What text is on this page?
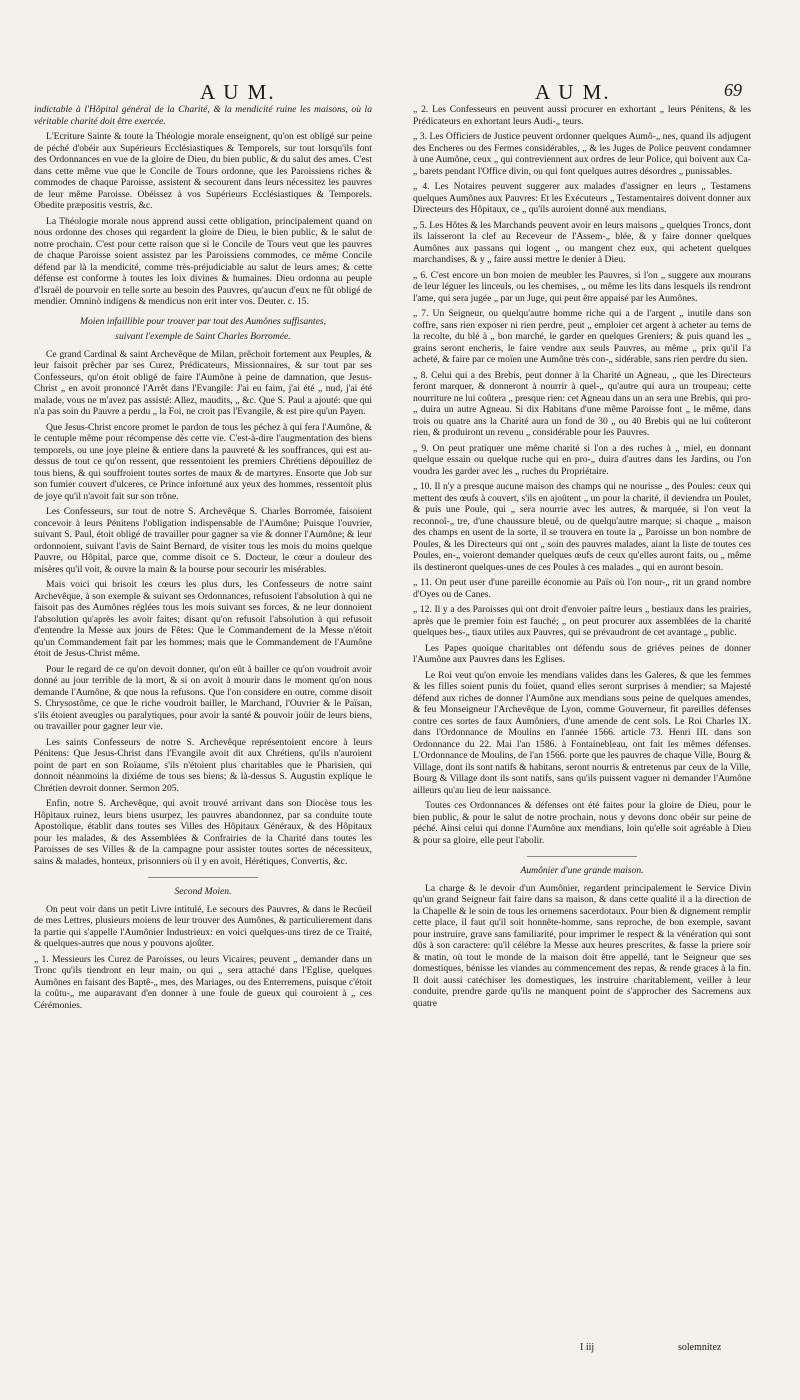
A U M.	A U M.	69

indictable à l'Hôpital général de la Charité, & la mendicité ruine les maisons, où la véritable charité doit être exercée.

L'Ecriture Sainte & toute la Théologie morale enseignent, qu'on est obligé sur peine de péché d'obéir aux Supérieurs Ecclésiastiques & Temporels, sur tout lorsqu'ils font des Ordonnances en vue de la gloire de Dieu, du bien public, & du salut des ames. C'est dans cette même vue que le Concile de Tours ordonne, que les Paroissiens riches & commodes de chaque Paroisse, assistent & secourent dans leurs nécessitez les pauvres de leur même Paroisse. Obéissez à vos Supérieurs Ecclésiastiques & Temporels. Obedite præpositis vestris, &c.

La Théologie morale nous apprend aussi cette obligation, principalement quand on nous ordonne des choses qui regardent la gloire de Dieu, le bien public, & le salut de notre prochain. C'est pour cette raison que si le Concile de Tours veut que les pauvres de chaque Paroisse soient assistez par les Paroissiens commodes, ce même Concile défend par là la mendicité, comme très-préjudiciable au salut de leurs ames; & cette défense est conforme à toutes les loix divines & humaines. Dieu ordonna au peuple d'Israël de pourvoir en telle sorte au besoin des Pauvres, qu'aucun d'eux ne fût obligé de mendier. Omninò indigens & mendicus non erit inter vos. Deuter. c. 15.

Moien infaillible pour trouver par tout des Aumônes suffisantes,
suivant l'exemple de Saint Charles Borromée.

Ce grand Cardinal & saint Archevêque de Milan, prêchoit fortement aux Peuples, & leur faisoit prêcher par ses Curez, Prédicateurs, Missionnaires, & sur tout par ses Confesseurs, qu'on étoit obligé de faire l'Aumône à peine de damnation, que Jesus-Christ „ en avoit prononcé l'Arrêt dans l'Evangile: J'ai eu faim, j'ai été „ nud, j'ai été malade, vous ne m'avez pas assisté: Allez, maudits, „ &c. Que S. Paul a ajouté: que qui n'a pas soin du Pauvre a perdu „ la Foi, ne croit pas l'Evangile, & est pire qu'un Payen.

Que Jesus-Christ encore promet le pardon de tous les péchez à qui fera l'Aumône, & le centuple même pour récompense dès cette vie. C'est-à-dire l'augmentation des biens temporels, ou une joye pleine & entiere dans la pauvreté & les souffrances, qui est au-dessus de tout ce qu'on ressent, que ressentoient les premiers Chrétiens dépouillez de tous biens, & qui souffroient toutes sortes de maux & de martyres. Ensorte que Job sur son fumier couvert d'ulceres, ce Prince infortuné aux yeux des hommes, ressentoit plus de joye qu'il n'avoit fait sur son trône.

Les Confesseurs, sur tout de notre S. Archevêque S. Charles Borromée, faisoient concevoir à leurs Pénitens l'obligation indispensable de l'Aumône; Puisque l'ouvrier, suivant S. Paul, étoit obligé de travailler pour gagner sa vie & donner l'Aumône; & leur ordonnoient, suivant l'avis de Saint Bernard, de visiter tous les mois du moins quelque Pauvre, ou Hôpital, parce que, comme disoit ce S. Docteur, le cœur a douleur des misères qu'il voit, & ouvre la main & la bourse pour secourir les misérables.

Mais voici qui brisoit les cœurs les plus durs, les Confesseurs de notre saint Archevêque, à son exemple & suivant ses Ordonnances, refusoient l'absolution à qui ne faisoit pas des Aumônes réglées tous les mois suivant ses forces, & ne leur donnoient l'absolution qu'après les avoir faites; disant qu'on refusoit l'absolution à qui refusoit d'entendre la Messe aux jours de Fêtes: Que le Commandement de la Messe n'étoit qu'un Commandement fait par les hommes; mais que le Commandement de l'Aumône étoit de Jesus-Christ même.

Pour le regard de ce qu'on devoit donner, qu'on eût à bailler ce qu'on voudroit avoir donné au jour terrible de la mort, & si on avoit à mourir dans le moment qu'on nous demande l'Aumône, & que nous la refusons. Que l'on considere en outre, comme disoit S. Chrysostôme, ce que le riche voudroit bailler, le Marchand, l'Ouvrier & le Païsan, s'ils étoient aveugles ou paralytiques, pour avoir la santé & pouvoir joüir de leurs biens, ou travailler pour gagner leur vie.

Les saints Confesseurs de notre S. Archevêque représentoient encore à leurs Pénitens: Que Jesus-Christ dans l'Evangile avoit dit aux Chrétiens, qu'ils n'auroient point de part en son Roïaume, s'ils n'étoient plus charitables que le Pharisien, qui donnoit néanmoins la dixiéme de tous ses biens; & là-dessus S. Augustin explique le Chrétien devroit donner. Sermon 205.

Enfin, notre S. Archevêque, qui avoit trouvé arrivant dans son Diocèse tous les Hôpitaux ruinez, leurs biens usurpez, les pauvres abandonnez, par sa conduite toute Apostolique, établit dans toutes ses Villes des Hôpitaux Généraux, & des Hôpitaux pour les malades, & des Assemblées & Confrairies de la Charité dans toutes les Paroisses de ses Villes & de la campagne pour assister toutes sortes de nécessiteux, sains & malades, honteux, prisonniers où il y en avoit, Hérétiques, Convertis, &c.

Second Moien.

On peut voir dans un petit Livre intitulé, Le secours des Pauvres, & dans le Recüeil de mes Lettres, plusieurs moiens de leur trouver des Aumônes, & particulierement dans la partie qui s'appelle l'Aumônier Industrieux: en voici quelques-uns tirez de ce Traité, & quelques-autres que nous y pouvons ajoûter.

„ 1. Messieurs les Curez de Paroisses, ou leurs Vicaires, peuvent „ demander dans un Tronc qu'ils tiendront en leur main, ou qui „ sera attaché dans l'Eglise, quelques Aumônes en faisant des Baptê-„ mes, des Mariages, ou des Enterremens, puisque c'étoit la coûtu-„ me auparavant d'en donner à une foule de gueux qui couroient à „ ces Cérémonies.

„ 2. Les Confesseurs en peuvent aussi procurer en exhortant „ leurs Pénitens, & les Prédicateurs en exhortant leurs Audi-„ teurs.

„ 3. Les Officiers de Justice peuvent ordonner quelques Aumô-„ nes, quand ils adjugent des Encheres ou des Fermes considérables, „ & les Juges de Police peuvent condamner à une Aumône, ceux „ qui contreviennent aux ordres de leur Police, qui boivent aux Ca-„ barets pendant l'Office divin, ou qui font quelques autres désordres „ punissables.

„ 4. Les Notaires peuvent suggerer aux malades d'assigner en leurs „ Testamens quelques Aumônes aux Pauvres: Et les Exécuteurs „ Testamentaires doivent donner aux Directeurs des Hôpitaux, ce „ qu'ils auroient donné aux mendians.

„ 5. Les Hôtes & les Marchands peuvent avoir en leurs maisons „ quelques Troncs, dont ils laisseront la clef au Receveur de l'Assem-„ blée, & y faire donner quelques Aumônes aux passans qui logent „ ou mangent chez eux, qui achetent quelques marchandises, & y „ faire aussi mettre le denier à Dieu.

„ 6. C'est encore un bon moien de meubler les Pauvres, si l'on „ suggere aux mourans de leur léguer les linceuls, ou les chemises, „ ou même les lits dans lesquels ils rendront l'ame, qui sera jugée „ par un Juge, qui peut être appaisé par les Aumônes.

„ 7. Un Seigneur, ou quelqu'autre homme riche qui a de l'argent „ inutile dans son coffre, sans rien exposer ni rien perdre, peut „ emploier cet argent à acheter au tems de la recolte, du blé à „ bon marché, le garder en quelques Greniers; & puis quand les „ grains seront encheris, le faire vendre aux seuls Pauvres, au même „ prix qu'il l'a acheté, & faire par ce moïen une Aumône très con-„ sidérable, sans rien perdre du sien.

„ 8. Celui qui a des Brebis, peut donner à la Charité un Agneau, „ que les Directeurs feront marquer, & donneront à nourrir à quel-„ qu'autre qui aura un troupeau; cette nourriture ne lui coûtera „ presque rien: cet Agneau dans un an sera une Brebis, qui pro-„ duira un autre Agneau. Si dix Habitans d'une même Paroisse font „ le même, dans trois ou quatre ans la Charité aura un fond de 30 „ ou 40 Brebis qui ne lui coûteront rien, & produiront un revenu „ considérable pour les Pauvres.

„ 9. On peut pratiquer une même charité si l'on a des ruches à „ miel, en donnant quelque essain ou quelque ruche qui en pro-„ duira d'autres dans les Jardins, ou l'on voudra les garder avec les „ ruches du Propriétaire.

„ 10. Il n'y a presque aucune maison des champs qui ne nourisse „ des Poules: ceux qui mettent des œufs à couvert, s'ils en ajoûtent „ un pour la charité, il deviendra un Poulet, & puis une Poule, qui „ sera nourrie avec les autres, & marquée, si l'on veut la reconnoî-„ tre, d'une chaussure bleuë, ou de quelqu'autre marque; si chaque „ maison des champs en usent de la sorte, il se trouvera en toute la „ Paroisse un bon nombre de Poules, & les Directeurs qui ont „ soin des pauvres malades, aiant la liste de toutes ces Poules, en-„ voieront demander quelques œufs de ceux qu'elles auront faits, ou „ même ils destineront quelques-unes de ces Poules à ces malades „ qui en auront besoin.

„ 11. On peut user d'une pareille économie au Païs où l'on nour-„ rit un grand nombre d'Oyes ou de Canes.

„ 12. Il y a des Paroisses qui ont droit d'envoier paître leurs „ bestiaux dans les prairies, après que le premier foin est fauché; „ on peut procurer aux assemblées de la charité quelques bes-„ tiaux utiles aux Pauvres, qui se prévaudront de cet avantage „ public.

Les Papes quoique charitables ont défendu sous de griéves peines de donner l'Aumône aux Pauvres dans les Eglises.

Le Roi veut qu'on envoie les mendians valides dans les Galeres, & que les femmes & les filles soient punis du foüet, quand elles seront surprises à mendier; sa Majesté défend aux riches de donner l'Aumône aux mendians sous peine de quelques amendes, & feu Monseigneur l'Archevêque de Lyon, comme Gouverneur, fit pareilles défenses contre ces sortes de faux Aumôniers, d'une amende de cent sols. Le Roi Charles IX. dans l'Ordonnance de Moulins en l'année 1566. article 73. Henri III. dans son Ordonnance du 22. Mai l'an 1586. à Fontainebleau, ont fait les mêmes défenses. L'Ordonnance de Moulins, de l'an 1566. porte que les pauvres de chaque Ville, Bourg & Village, dont ils sont natifs & habitans, seront nourris & entretenus par ceux de la Ville, Bourg & Village dont ils sont natifs, sans qu'ils puissent vaguer ni demander l'Aumône ailleurs qu'au lieu de leur naissance.

Toutes ces Ordonnances & défenses ont été faites pour la gloire de Dieu, pour le bien public, & pour le salut de notre prochain, nous y devons donc obéir sur peine de péché. Ainsi celui qui donne l'Aumône aux mendians, loin qu'elle soit agréable à Dieu & pour sa gloire, elle peut l'abolir.

Aumônier d'une grande maison.

La charge & le devoir d'un Aumônier, regardent principalement le Service Divin qu'un grand Seigneur fait faire dans sa maison, & dans cette qualité il a la direction de la Chapelle & le soin de tous les ornemens sacerdotaux. Pour bien & dignement remplir cette place, il faut qu'il soit honnête-homme, sans reproche, de bon exemple, savant pour instruire, grave sans familiarité, pour imprimer le respect & la vénération qui sont dûs à son caractere: qu'il célébre la Messe aux heures prescrites, & fasse la priere soir & matin, où tout le monde de la maison doit être appellé, tant le Seigneur que ses domestiques, bénisse les viandes au commencement des repas, & rende graces à la fin. Il doit aussi catéchiser les domestiques, les instruire charitablement, veiller à leur conduite, prendre garde qu'ils ne manquent point de s'approcher des Sacremens aux quatre

I iij	solemnitez
